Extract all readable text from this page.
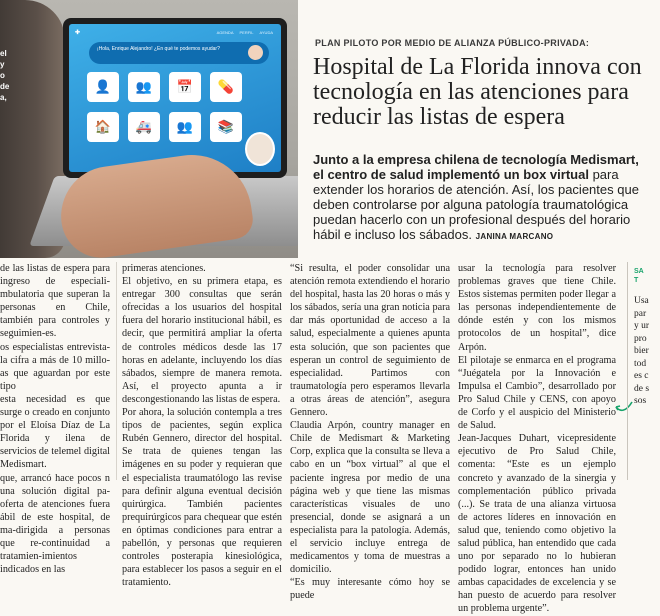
✚	AGENDA PERFIL AYUDA
¡Hola, Enrique Alejandro! ¿En qué te podemos ayudar?
👤	👥	📅	💊
🏠	🚑	👥	📚
el
y
o
de
a,
PLAN PILOTO POR MEDIO DE ALIANZA PÚBLICO-PRIVADA:
Hospital de La Florida innova con tecnología en las atenciones para reducir las listas de espera
Junto a la empresa chilena de tecnología Medismart, el centro de salud implementó un box virtual para extender los horarios de atención. Así, los pacientes que deben controlarse por alguna patología traumatológica puedan hacerlo con un profesional después del horario hábil e incluso los sábados. JANINA MARCANO

de las listas de espera para ingreso de especiali-mbulatoria que superan la personas en Chile, también para controles y seguimien-es.

os especialistas entrevista-la cifra a más de 10 millo-as que aguardan por este tipo

esta necesidad es que surge o creado en conjunto por el Eloísa Díaz de La Florida y ilena de servicios de telemel digital Medismart.

que, arrancó hace pocos n una solución digital pa-oferta de atenciones fuera ábil de este hospital, de ma-dirigida a personas que re-continuidad a tratamien-imientos indicados en las

primeras atenciones.

El objetivo, en su primera etapa, es entregar 300 consultas que serán ofrecidas a los usuarios del hospital fuera del horario institucional hábil, es decir, que permitirá ampliar la oferta de controles médicos desde las 17 horas en adelante, incluyendo los días sábados, siempre de manera remota. Así, el proyecto apunta a ir descongestionando las listas de espera.

Por ahora, la solución contempla a tres tipos de pacientes, según explica Rubén Gennero, director del hospital. Se trata de quienes tengan las imágenes en su poder y requieran que el especialista traumatólogo las revise para definir alguna eventual decisión quirúrgica. También pacientes prequirúrgicos para chequear que estén en óptimas condiciones para entrar a pabellón, y personas que requieren controles posterapia kinesiológica, para establecer los pasos a seguir en el tratamiento.

“Si resulta, el poder consolidar una atención remota extendiendo el horario del hospital, hasta las 20 horas o más y los sábados, sería una gran noticia para dar más oportunidad de acceso a la salud, especialmente a quienes apunta esta solución, que son pacientes que esperan un control de seguimiento de especialidad. Partimos con traumatología pero esperamos llevarla a otras áreas de atención”, asegura Gennero.

Claudia Arpón, country manager en Chile de Medismart & Marketing Corp, explica que la consulta se lleva a cabo en un “box virtual” al que el paciente ingresa por medio de una página web y que tiene las mismas características visuales de uno presencial, donde se asignará a un especialista para la patología. Además, el servicio incluye entrega de medicamentos y toma de muestras a domicilio.

“Es muy interesante cómo hoy se puede

usar la tecnología para resolver problemas graves que tiene Chile. Estos sistemas permiten poder llegar a las personas independientemente de dónde estén y con los mismos protocolos de un hospital”, dice Arpón.

El pilotaje se enmarca en el programa “Juégatela por la Innovación e Impulsa el Cambio”, desarrollado por Pro Salud Chile y CENS, con apoyo de Corfo y el auspicio del Ministerio de Salud.

Jean-Jacques Duhart, vicepresidente ejecutivo de Pro Salud Chile, comenta: “Este es un ejemplo concreto y avanzado de la sinergia y complementación público privada (...). Se trata de una alianza virtuosa de actores líderes en innovación en salud que, teniendo como objetivo la salud pública, han entendido que cada uno por separado no lo hubieran podido lograr, entonces han unido ambas capacidades de excelencia y se han puesto de acuerdo para resolver un problema urgente”.

SA
T
Usa
par
y ur
pro
bier
tod
es c
de s
sos
